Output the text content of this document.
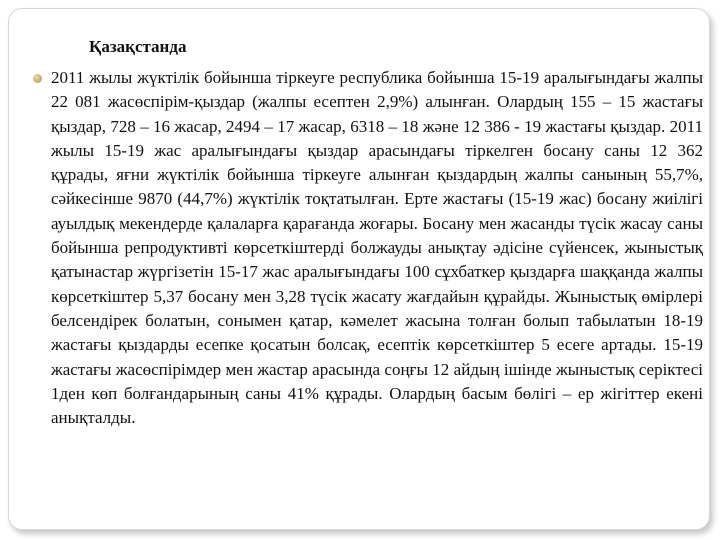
Қазақстанда

2011 жылы жүктілік бойынша тіркеуге республика бойынша 15-19 аралығындағы жалпы 22 081 жасөспірім-қыздар (жалпы есептен 2,9%) алынған. Олардың 155 – 15 жастағы қыздар, 728 – 16 жасар, 2494 – 17 жасар, 6318 – 18 және 12 386 - 19 жастағы қыздар. 2011 жылы 15-19 жас аралығындағы қыздар арасындағы тіркелген босану саны 12 362 құрады, яғни жүктілік бойынша тіркеуге алынған қыздардың жалпы санының 55,7%, сәйкесінше 9870 (44,7%) жүктілік тоқтатылған. Ерте жастағы (15-19 жас) босану жиілігі ауылдық мекендерде қалаларға қарағанда жоғары. Босану мен жасанды түсік жасау саны бойынша репродуктивті көрсеткіштерді болжауды анықтау әдісіне сүйенсек, жыныстық қатынастар жүргізетін 15-17 жас аралығындағы 100 сұхбаткер қыздарға шаққанда жалпы көрсеткіштер 5,37 босану мен 3,28 түсік жасату жағдайын құрайды. Жыныстық өмірлері белсендірек болатын, сонымен қатар, кәмелет жасына толған болып табылатын 18-19 жастағы қыздарды есепке қосатын болсақ, есептік көрсеткіштер 5 есеге артады. 15-19 жастағы жасөспірімдер мен жастар арасында соңғы 12 айдың ішінде жыныстық серіктесі 1ден көп болғандарының саны 41% құрады. Олардың басым бөлігі – ер жігіттер екені анықталды.
